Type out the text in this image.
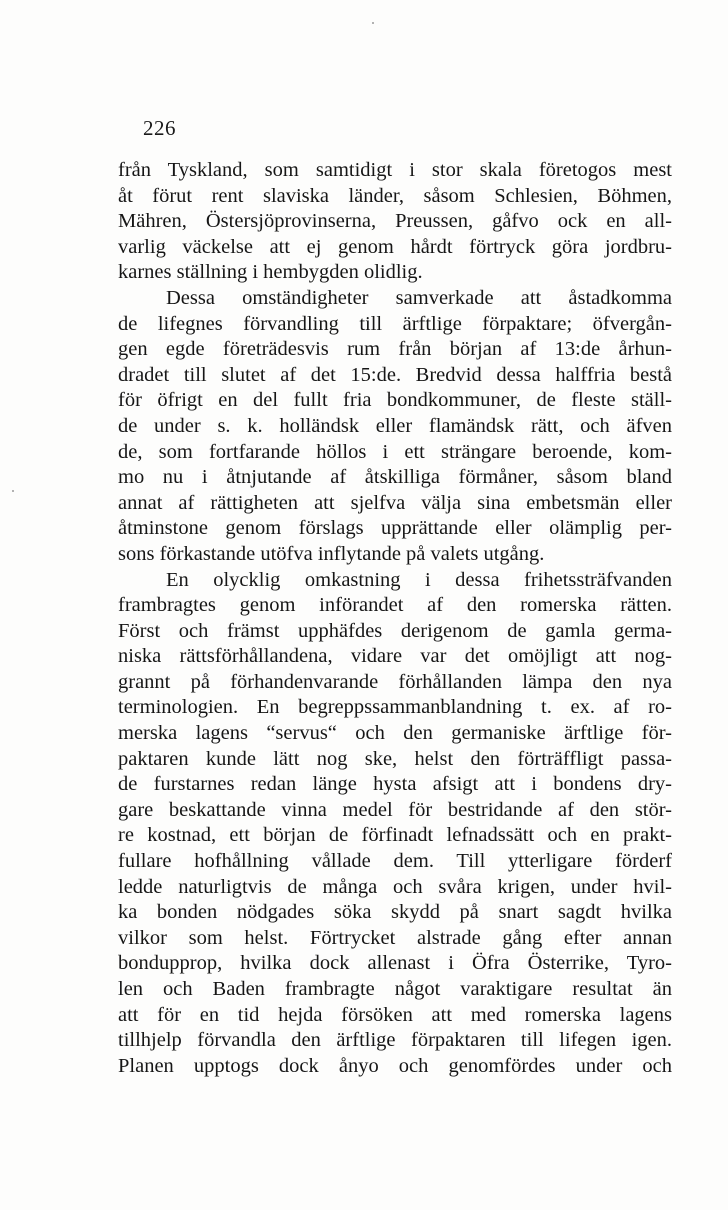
226
från Tyskland, som samtidigt i stor skala företogos mest
åt förut rent slaviska länder, såsom Schlesien, Böhmen,
Mähren, Östersjöprovinserna, Preussen, gåfvo ock en all-
varlig väckelse att ej genom hårdt förtryck göra jordbru-
karnes ställning i hembygden olidlig.
Dessa omständigheter samverkade att åstadkomma
de lifegnes förvandling till ärftlige förpaktare; öfvergån-
gen egde företrädesvis rum från början af 13:de århun-
dradet till slutet af det 15:de. Bredvid dessa halffria bestå
för öfrigt en del fullt fria bondkommuner, de fleste ställ-
de under s. k. holländsk eller flamändsk rätt, och äfven
de, som fortfarande höllos i ett strängare beroende, kom-
mo nu i åtnjutande af åtskilliga förmåner, såsom bland
annat af rättigheten att sjelfva välja sina embetsmän eller
åtminstone genom förslags upprättande eller olämplig per-
sons förkastande utöfva inflytande på valets utgång.
En olycklig omkastning i dessa frihetssträfvanden
frambragtes genom införandet af den romerska rätten.
Först och främst upphäfdes derigenom de gamla germa-
niska rättsförhållandena, vidare var det omöjligt att nog-
grannt på förhandenvarande förhållanden lämpa den nya
terminologien. En begreppssammanblandning t. ex. af ro-
merska lagens “servus“ och den germaniske ärftlige för-
paktaren kunde lätt nog ske, helst den förträffligt passa-
de furstarnes redan länge hysta afsigt att i bondens dry-
gare beskattande vinna medel för bestridande af den stör-
re kostnad, ett början de förfinadt lefnadssätt och en prakt-
fullare hofhållning vållade dem. Till ytterligare förderf
ledde naturligtvis de många och svåra krigen, under hvil-
ka bonden nödgades söka skydd på snart sagdt hvilka
vilkor som helst. Förtrycket alstrade gång efter annan
bondupprор, hvilka dock allenast i Öfra Österrike, Tyro-
len och Baden frambragte något varaktigare resultat än
att för en tid hejda försöken att med romerska lagens
tillhjelp förvandla den ärftlige förpaktaren till lifegen igen.
Planen upptogs dock ånyo och genomfördes under och
